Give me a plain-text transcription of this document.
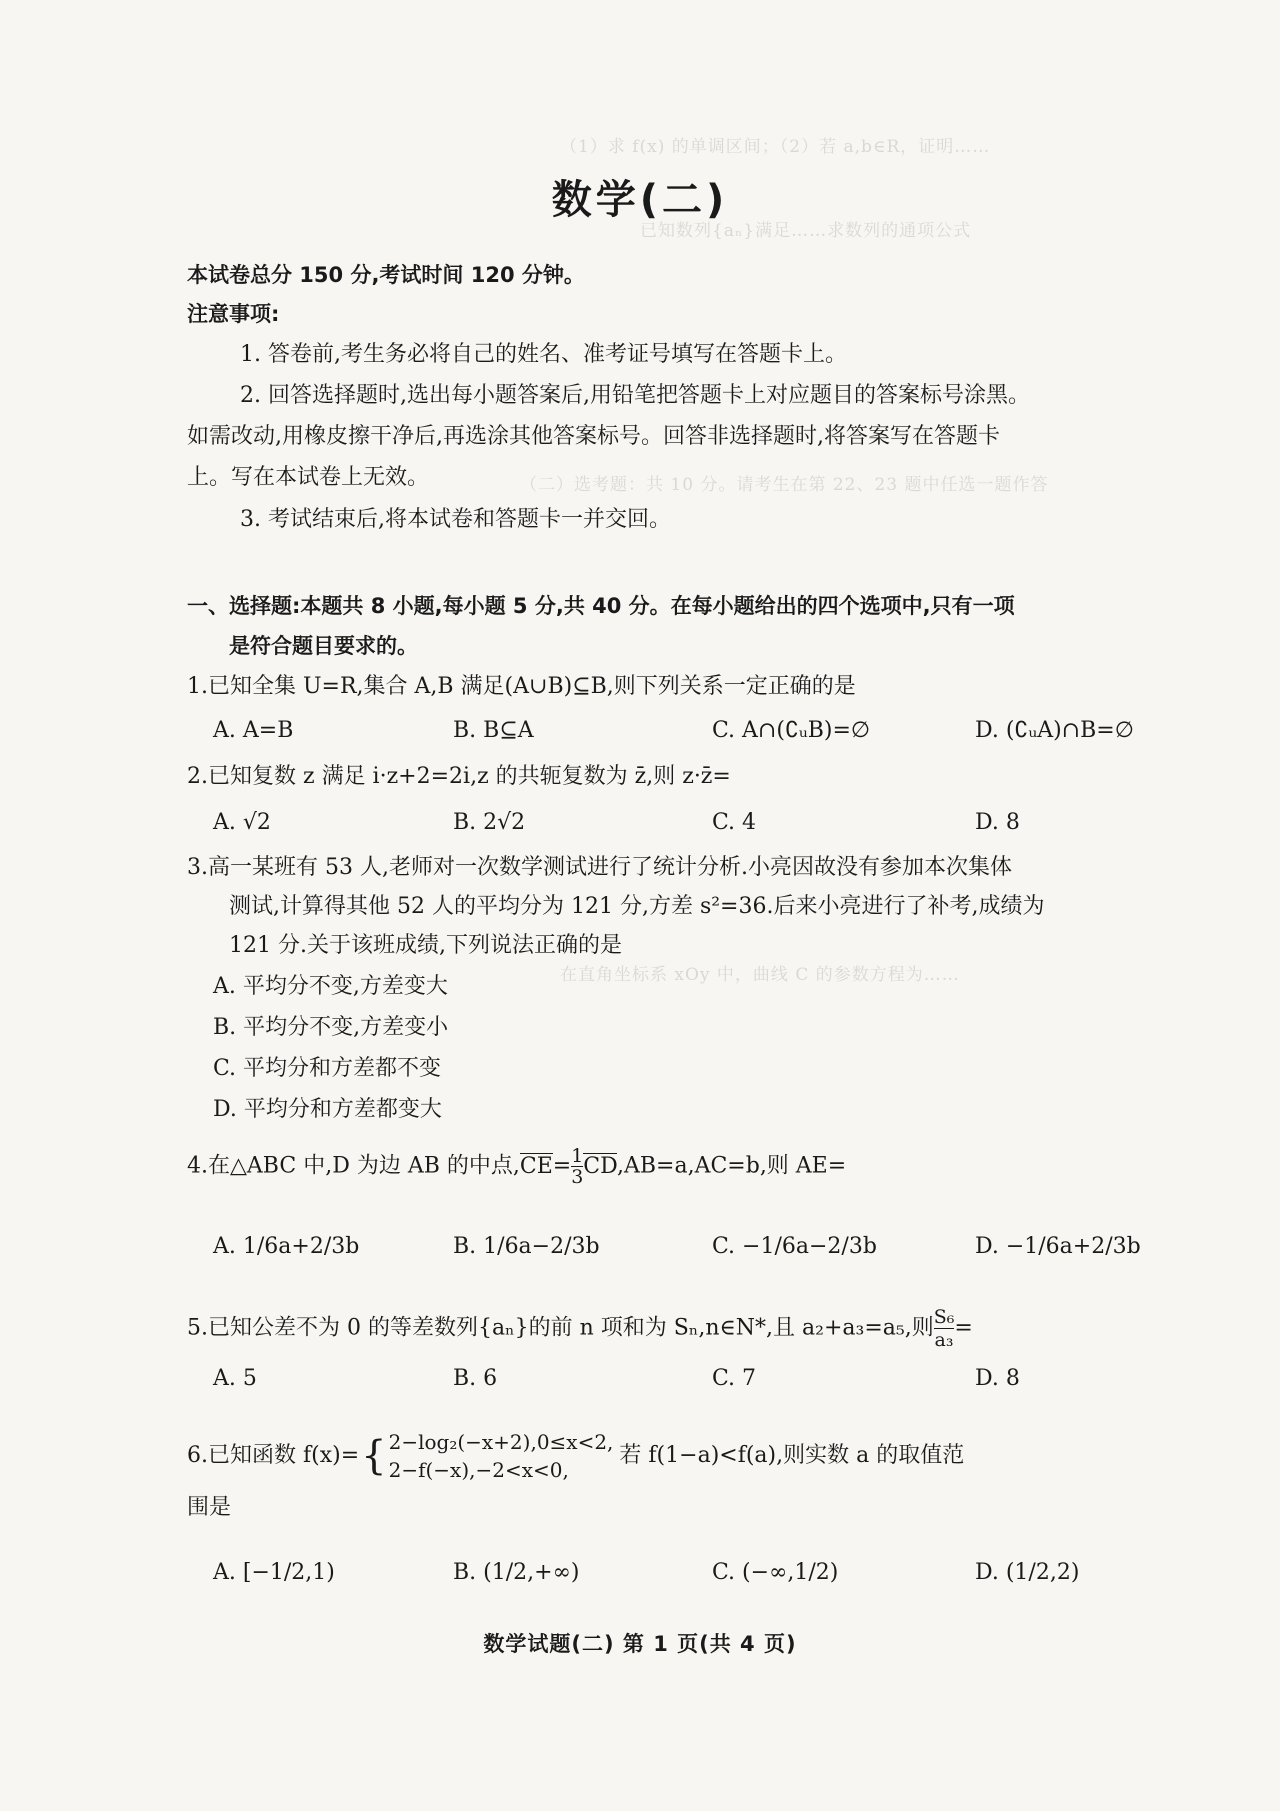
（1）求 f(x) 的单调区间；（2）若 a,b∈R，证明……
已知数列{aₙ}满足……求数列的通项公式
（二）选考题：共 10 分。请考生在第 22、23 题中任选一题作答
在直角坐标系 xOy 中，曲线 C 的参数方程为……
数学(二)
本试卷总分 150 分,考试时间 120 分钟。
注意事项:
1. 答卷前,考生务必将自己的姓名、准考证号填写在答题卡上。
2. 回答选择题时,选出每小题答案后,用铅笔把答题卡上对应题目的答案标号涂黑。
如需改动,用橡皮擦干净后,再选涂其他答案标号。回答非选择题时,将答案写在答题卡
上。写在本试卷上无效。
3. 考试结束后,将本试卷和答题卡一并交回。
一、选择题:本题共 8 小题,每小题 5 分,共 40 分。在每小题给出的四个选项中,只有一项
是符合题目要求的。
1.已知全集 U=R,集合 A,B 满足(A∪B)⊆B,则下列关系一定正确的是
A. A=B	B. B⊆A	C. A∩(∁ᵤB)=∅	D. (∁ᵤA)∩B=∅
2.已知复数 z 满足 i·z+2=2i,z 的共轭复数为 z̄,则 z·z̄=
A. √2	B. 2√2	C. 4	D. 8
3.高一某班有 53 人,老师对一次数学测试进行了统计分析.小亮因故没有参加本次集体
测试,计算得其他 52 人的平均分为 121 分,方差 s²=36.后来小亮进行了补考,成绩为
121 分.关于该班成绩,下列说法正确的是
A. 平均分不变,方差变大
B. 平均分不变,方差变小
C. 平均分和方差都不变
D. 平均分和方差都变大
4.在△ABC 中,D 为边 AB 的中点$,CE= \frac{1}{3} CD,AB=a,AC=b$,则 AE=
A. 1/6a+2/3b	B. 1/6a−2/3b	C. −1/6a−2/3b	D. −1/6a+2/3b
5.已知公差不为 0 的等差数列{aₙ}的前 n 项和为 Sₙ,n∈N*,且 a₂+a₃=a₅,则 $\frac{\text{S₆}}{\text{a₃}}$ =
A. 5	B. 6	C. 7	D. 8
6.已知函数 f(x)={ 2−log₂(−x+2),0≤x<2,
2−f(−x),−2<x<0,
若 f(1−a)<f(a),则实数 a 的取值范
围是
A. [−1/2,1)	B. (1/2,+∞)	C. (−∞,1/2)	D. (1/2,2)
数学试题(二) 第 1 页(共 4 页)
